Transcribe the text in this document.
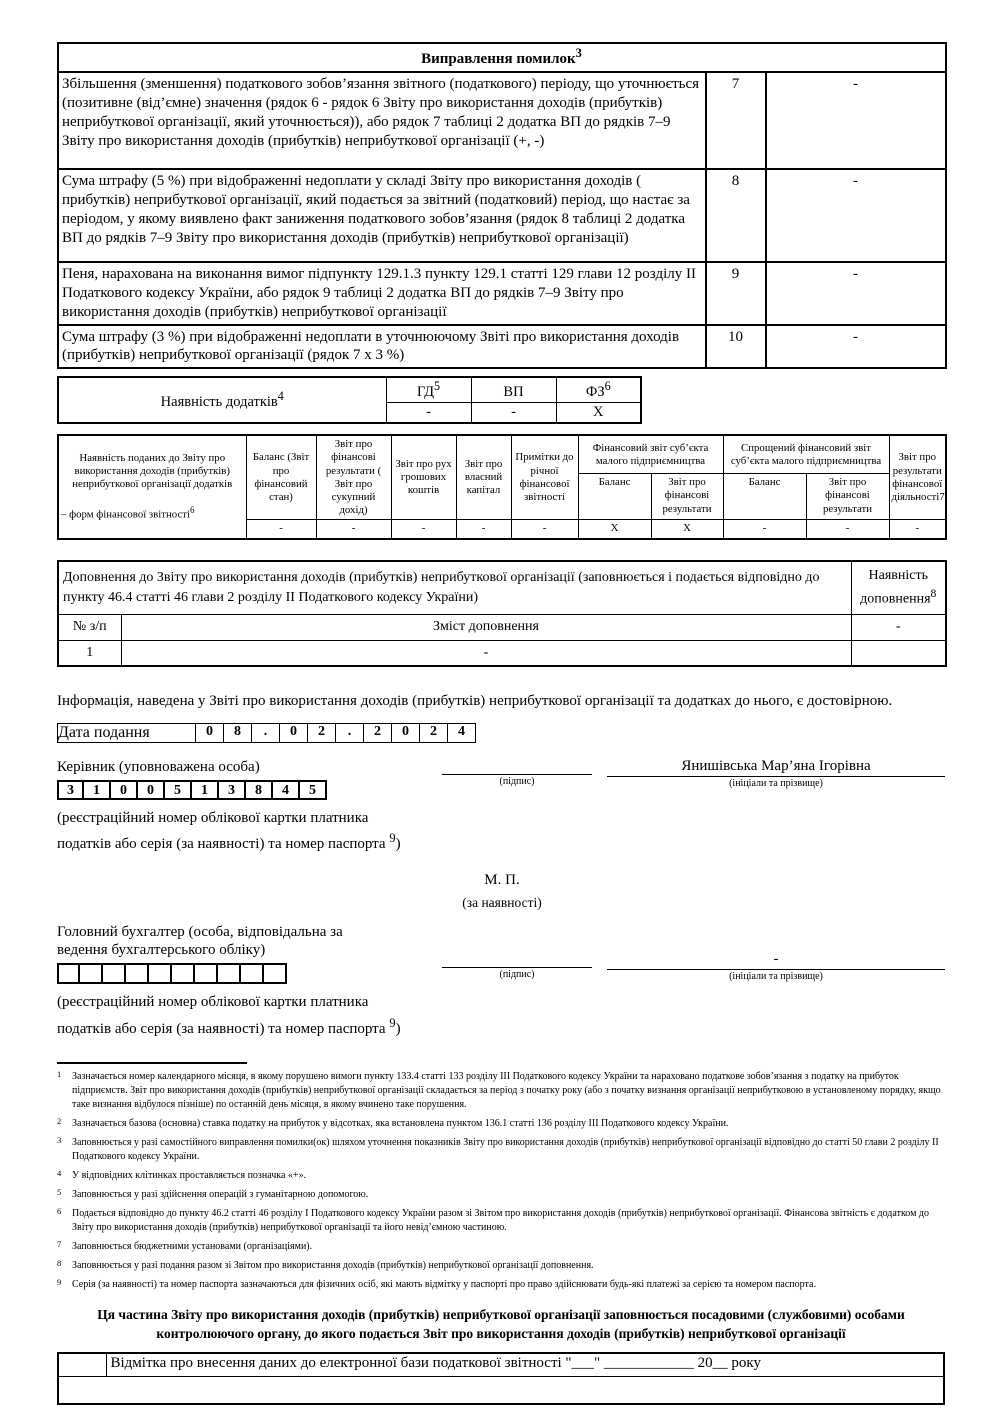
Виправлення помилок$^3$
Збільшення (зменшення) податкового зобов’язання звітного (податкового) періоду, що уточнюється (позитивне (від’ємне) значення (рядок 6 - рядок 6 Звіту про використання доходів (прибутків) неприбуткової організації, який уточнюється)), або рядок 7 таблиці 2 додатка ВП до рядків 7–9 Звіту про використання доходів (прибутків) неприбуткової організації (+, -)	7	-
Сума штрафу (5 %) при відображенні недоплати у складі Звіту про використання доходів ( прибутків) неприбуткової організації, який подається за звітний (податковий) період, що настає за періодом, у якому виявлено факт заниження податкового зобов’язання (рядок 8 таблиці 2 додатка ВП до рядків 7–9 Звіту про використання доходів (прибутків) неприбуткової організації)	8	-
Пеня, нарахована на виконання вимог підпункту 129.1.3 пункту 129.1 статті 129 глави 12 розділу II Податкового кодексу України, або рядок 9 таблиці 2 додатка ВП до рядків 7–9 Звіту про використання доходів (прибутків) неприбуткової організації	9	-
Сума штрафу (3 %) при відображенні недоплати в уточнюючому Звіті про використання доходів (прибутків) неприбуткової організації (рядок 7 х 3 %)	10	-
Наявність додатків$^4$	$ГД^5$	ВП	$ФЗ^6$
	-	-	X
Наявність поданих до Звіту про використання доходів (прибутків) неприбуткової організації додатків
– форм фінансової звітності$^6$	Баланс (Звіт про фінансовий стан)	Звіт про фінансові результати ( Звіт про сукупний дохід)	Звіт про рух грошових коштів	Звіт про власний капітал	Примітки до річної фінансової звітності	Фінансовий звіт суб’єкта малого підприємництва		Спрощений фінансовий звіт суб’єкта малого підприємництва		Звіт про результати фінансової діяльності7
						Баланс	Звіт про фінансові результати	Баланс	Звіт про фінансові результати	
	-	-	-	-	-	X	X	-	-	-
Доповнення до Звіту про використання доходів (прибутків) неприбуткової організації (заповнюється і подається відповідно до пункту 46.4 статті 46 глави 2 розділу II Податкового кодексу України)		Наявність доповнення$^8$
№ з/п	Зміст доповнення	-
1	-	
Інформація, наведена у Звіті про використання доходів (прибутків) неприбуткової організації та додатках до нього, є достовірною.
Дата подання	0	8	.	0	2	.	2	0	2	4
Керівник (уповноважена особа)
3	1	0	0	5	1	3	8	4	5
(реєстраційний номер облікової картки платника податків або серія (за наявності) та номер паспорта $^9$)
(підпис)
Янишівська Мар’яна Ігорівна
(ініціали та прізвище)
М. П.
(за наявності)
Головний бухгалтер (особа, відповідальна за ведення бухгалтерського обліку)
(реєстраційний номер облікової картки платника податків або серія (за наявності) та номер паспорта $^9$)
(підпис)
-
(ініціали та прізвище)
1	Зазначається номер календарного місяця, в якому порушено вимоги пункту 133.4 статті 133 розділу III Податкового кодексу України та нараховано податкове зобов’язання з податку на прибуток підприємств. Звіт про використання доходів (прибутків) неприбуткової організації складається за період з початку року (або з початку визнання організації неприбутковою в установленому порядку, якщо таке визнання відбулося пізніше) по останній день місяця, в якому вчинено таке порушення.
2	Зазначається базова (основна) ставка податку на прибуток у відсотках, яка встановлена пунктом 136.1 статті 136 розділу III Податкового кодексу України.
3	Заповнюється у разі самостійного виправлення помилки(ок) шляхом уточнення показників Звіту про використання доходів (прибутків) неприбуткової організації відповідно до статті 50 глави 2 розділу II Податкового кодексу України.
4	У відповідних клітинках проставляється позначка «+».
5	Заповнюється у разі здійснення операцій з гуманітарною допомогою.
6	Подається відповідно до пункту 46.2 статті 46 розділу I Податкового кодексу України разом зі Звітом про використання доходів (прибутків) неприбуткової організації. Фінансова звітність є додатком до Звіту про використання доходів (прибутків) неприбуткової організації та його невід’ємною частиною.
7	Заповнюється бюджетними установами (організаціями).
8	Заповнюється у разі подання разом зі Звітом про використання доходів (прибутків) неприбуткової організації доповнення.
9	Серія (за наявності) та номер паспорта зазначаються для фізичних осіб, які мають відмітку у паспорті про право здійснювати будь-які платежі за серією та номером паспорта.
Ця частина Звіту про використання доходів (прибутків) неприбуткової організації заповнюється посадовими (службовими) особами контролюючого органу, до якого подається Звіт про використання доходів (прибутків) неприбуткової організації
	Відмітка про внесення даних до електронної бази податкової звітності "___" ____________ 20__ року
